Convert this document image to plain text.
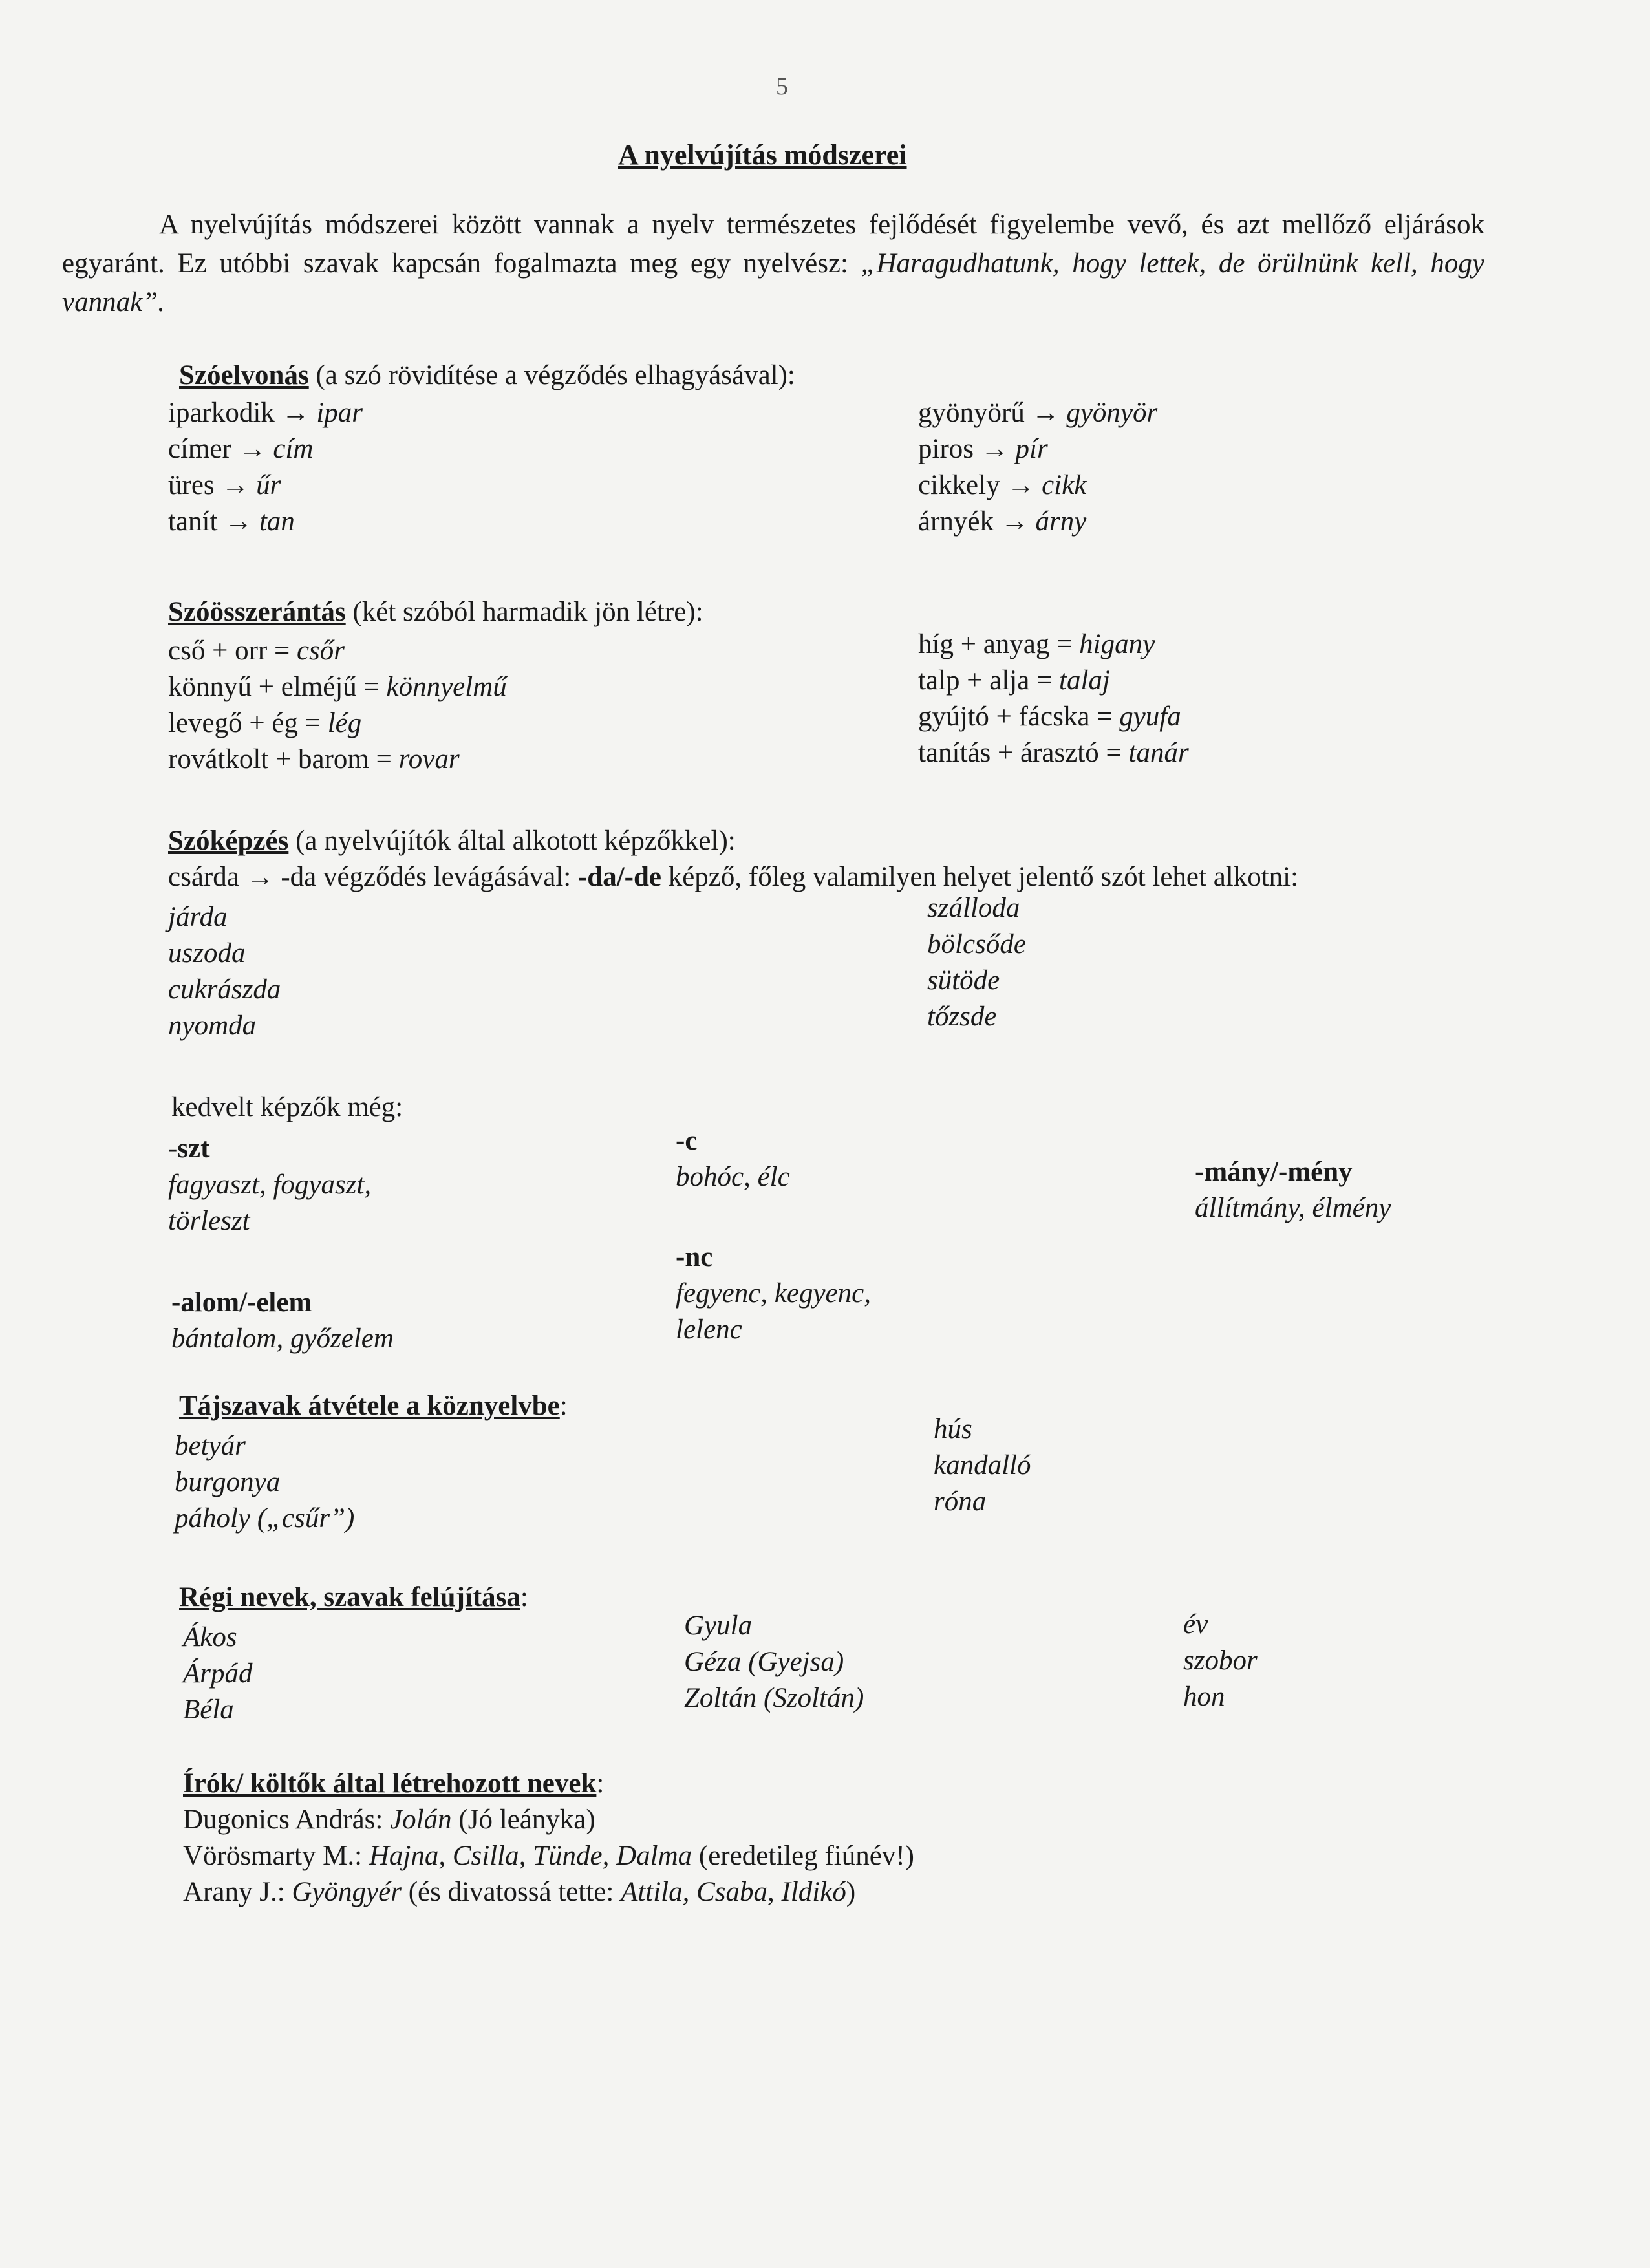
5
A nyelvújítás módszerei
A nyelvújítás módszerei között vannak a nyelv természetes fejlődését figyelembe vevő, és azt mellőző eljárások egyaránt. Ez utóbbi szavak kapcsán fogalmazta meg egy nyelvész: „Haragudhatunk, hogy lettek, de örülnünk kell, hogy vannak”.
Szóelvonás (a szó rövidítése a végződés elhagyásával):
iparkodik → ipar
címer → cím
üres → űr
tanít → tan
gyönyörű → gyönyör
piros → pír
cikkely → cikk
árnyék → árny
Szóösszerántás (két szóból harmadik jön létre):
cső + orr = csőr
könnyű + elméjű = könnyelmű
levegő + ég = lég
rovátkolt + barom = rovar
híg + anyag = higany
talp + alja = talaj
gyújtó + fácska = gyufa
tanítás + árasztó = tanár
Szóképzés (a nyelvújítók által alkotott képzőkkel):
csárda → -da végződés levágásával: -da/-de képző, főleg valamilyen helyet jelentő szót lehet alkotni:
járda
uszoda
cukrászda
nyomda
szálloda
bölcsőde
sütöde
tőzsde
kedvelt képzők még:
-szt
fagyaszt, fogyaszt,
törleszt
-c
bohóc, élc
-nc
fegyenc, kegyenc,
lelenc
-mány/-mény
állítmány, élmény
-alom/-elem
bántalom, győzelem
Tájszavak átvétele a köznyelvbe:
betyár
burgonya
páholy („csűr”)
hús
kandalló
róna
Régi nevek, szavak felújítása:
Ákos
Árpád
Béla
Gyula
Géza (Gyejsa)
Zoltán (Szoltán)
év
szobor
hon
Írók/ költők által létrehozott nevek:
Dugonics András: Jolán (Jó leányka)
Vörösmarty M.: Hajna, Csilla, Tünde, Dalma (eredetileg fiúnév!)
Arany J.: Gyöngyér (és divatossá tette: Attila, Csaba, Ildikó)
